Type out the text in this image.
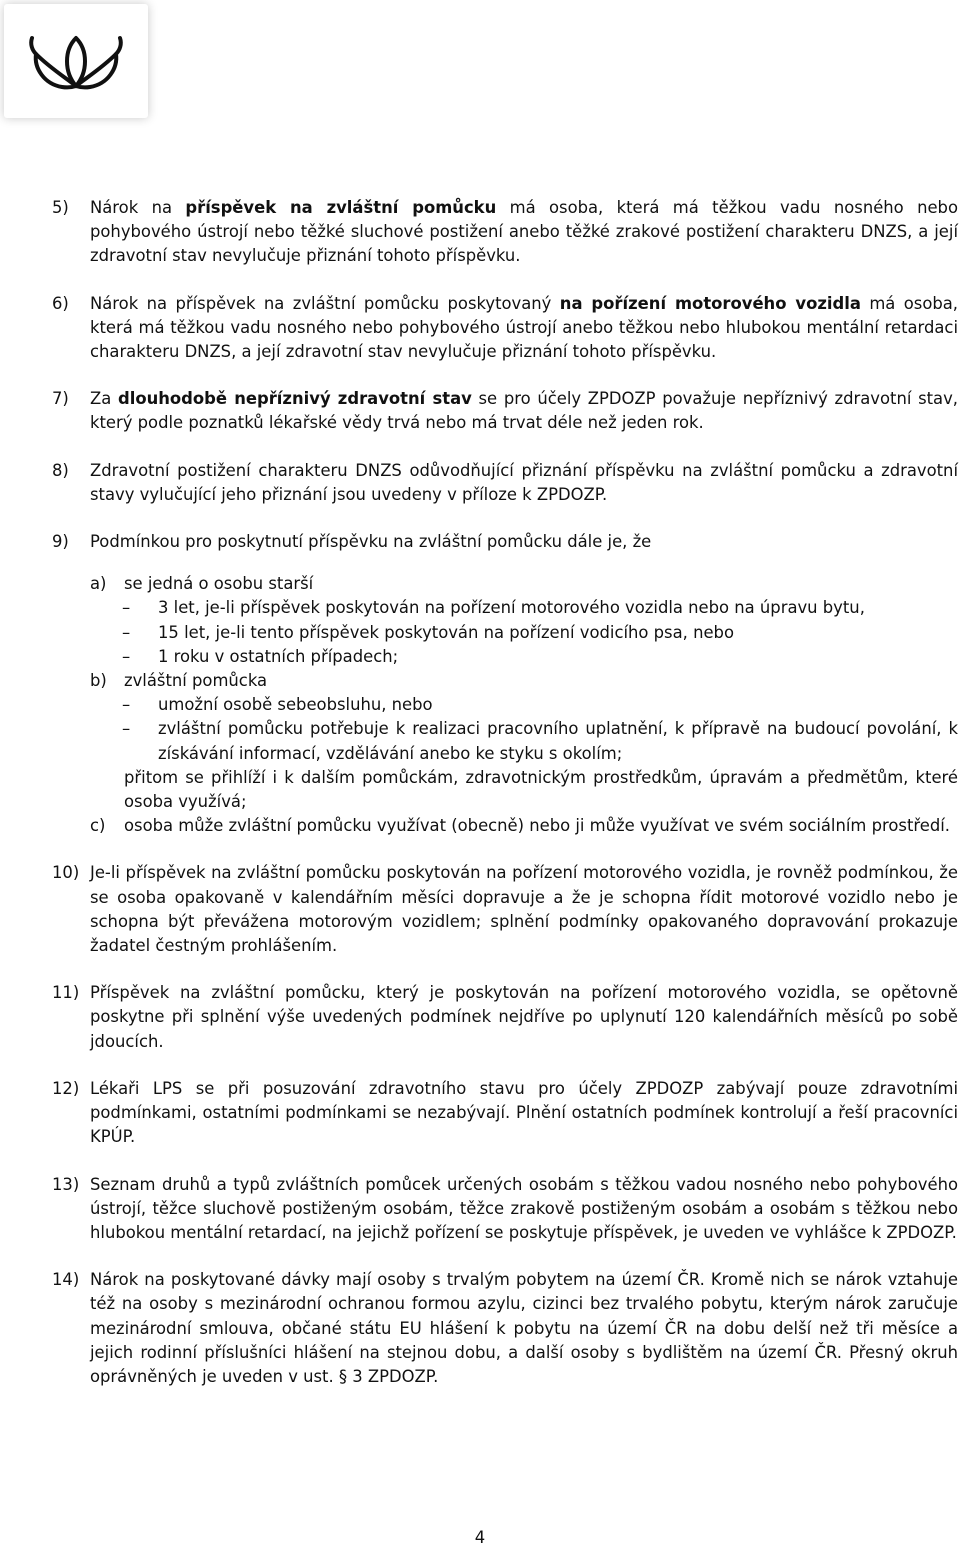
5) Nárok na příspěvek na zvláštní pomůcku má osoba, která má těžkou vadu nosného nebo pohybového ústrojí nebo těžké sluchové postižení anebo těžké zrakové postižení charakteru DNZS, a její zdravotní stav nevylučuje přiznání tohoto příspěvku.
6) Nárok na příspěvek na zvláštní pomůcku poskytovaný na pořízení motorového vozidla má osoba, která má těžkou vadu nosného nebo pohybového ústrojí anebo těžkou nebo hlubokou mentální retardaci charakteru DNZS, a její zdravotní stav nevylučuje přiznání tohoto příspěvku.
7) Za dlouhodobě nepříznivý zdravotní stav se pro účely ZPDOZP považuje nepříznivý zdravotní stav, který podle poznatků lékařské vědy trvá nebo má trvat déle než jeden rok.
8) Zdravotní postižení charakteru DNZS odůvodňující přiznání příspěvku na zvláštní pomůcku a zdravotní stavy vylučující jeho přiznání jsou uvedeny v příloze k ZPDOZP.
9) Podmínkou pro poskytnutí příspěvku na zvláštní pomůcku dále je, že
a) se jedná o osobu starší
– 3 let, je-li příspěvek poskytován na pořízení motorového vozidla nebo na úpravu bytu,
– 15 let, je-li tento příspěvek poskytován na pořízení vodicího psa, nebo
– 1 roku v ostatních případech;
b) zvláštní pomůcka
– umožní osobě sebeobsluhu, nebo
– zvláštní pomůcku potřebuje k realizaci pracovního uplatnění, k přípravě na budoucí povolání, k získávání informací, vzdělávání anebo ke styku s okolím;
přitom se přihlíží i k dalším pomůckám, zdravotnickým prostředkům, úpravám a předmětům, které osoba využívá;
c) osoba může zvláštní pomůcku využívat (obecně) nebo ji může využívat ve svém sociálním prostředí.
10) Je-li příspěvek na zvláštní pomůcku poskytován na pořízení motorového vozidla, je rovněž podmínkou, že se osoba opakovaně v kalendářním měsíci dopravuje a že je schopna řídit motorové vozidlo nebo je schopna být převážena motorovým vozidlem; splnění podmínky opakovaného dopravování prokazuje žadatel čestným prohlášením.
11) Příspěvek na zvláštní pomůcku, který je poskytován na pořízení motorového vozidla, se opětovně poskytne při splnění výše uvedených podmínek nejdříve po uplynutí 120 kalendářních měsíců po sobě jdoucích.
12) Lékaři LPS se při posuzování zdravotního stavu pro účely ZPDOZP zabývají pouze zdravotními podmínkami, ostatními podmínkami se nezabývají. Plnění ostatních podmínek kontrolují a řeší pracovníci KPÚP.
13) Seznam druhů a typů zvláštních pomůcek určených osobám s těžkou vadou nosného nebo pohybového ústrojí, těžce sluchově postiženým osobám, těžce zrakově postiženým osobám a osobám s těžkou nebo hlubokou mentální retardací, na jejichž pořízení se poskytuje příspěvek, je uveden ve vyhlášce k ZPDOZP.
14) Nárok na poskytované dávky mají osoby s trvalým pobytem na území ČR. Kromě nich se nárok vztahuje též na osoby s mezinárodní ochranou formou azylu, cizinci bez trvalého pobytu, kterým nárok zaručuje mezinárodní smlouva, občané státu EU hlášení k pobytu na území ČR na dobu delší než tři měsíce a jejich rodinní příslušníci hlášení na stejnou dobu, a další osoby s bydlištěm na území ČR. Přesný okruh oprávněných je uveden v ust. § 3 ZPDOZP.
4
